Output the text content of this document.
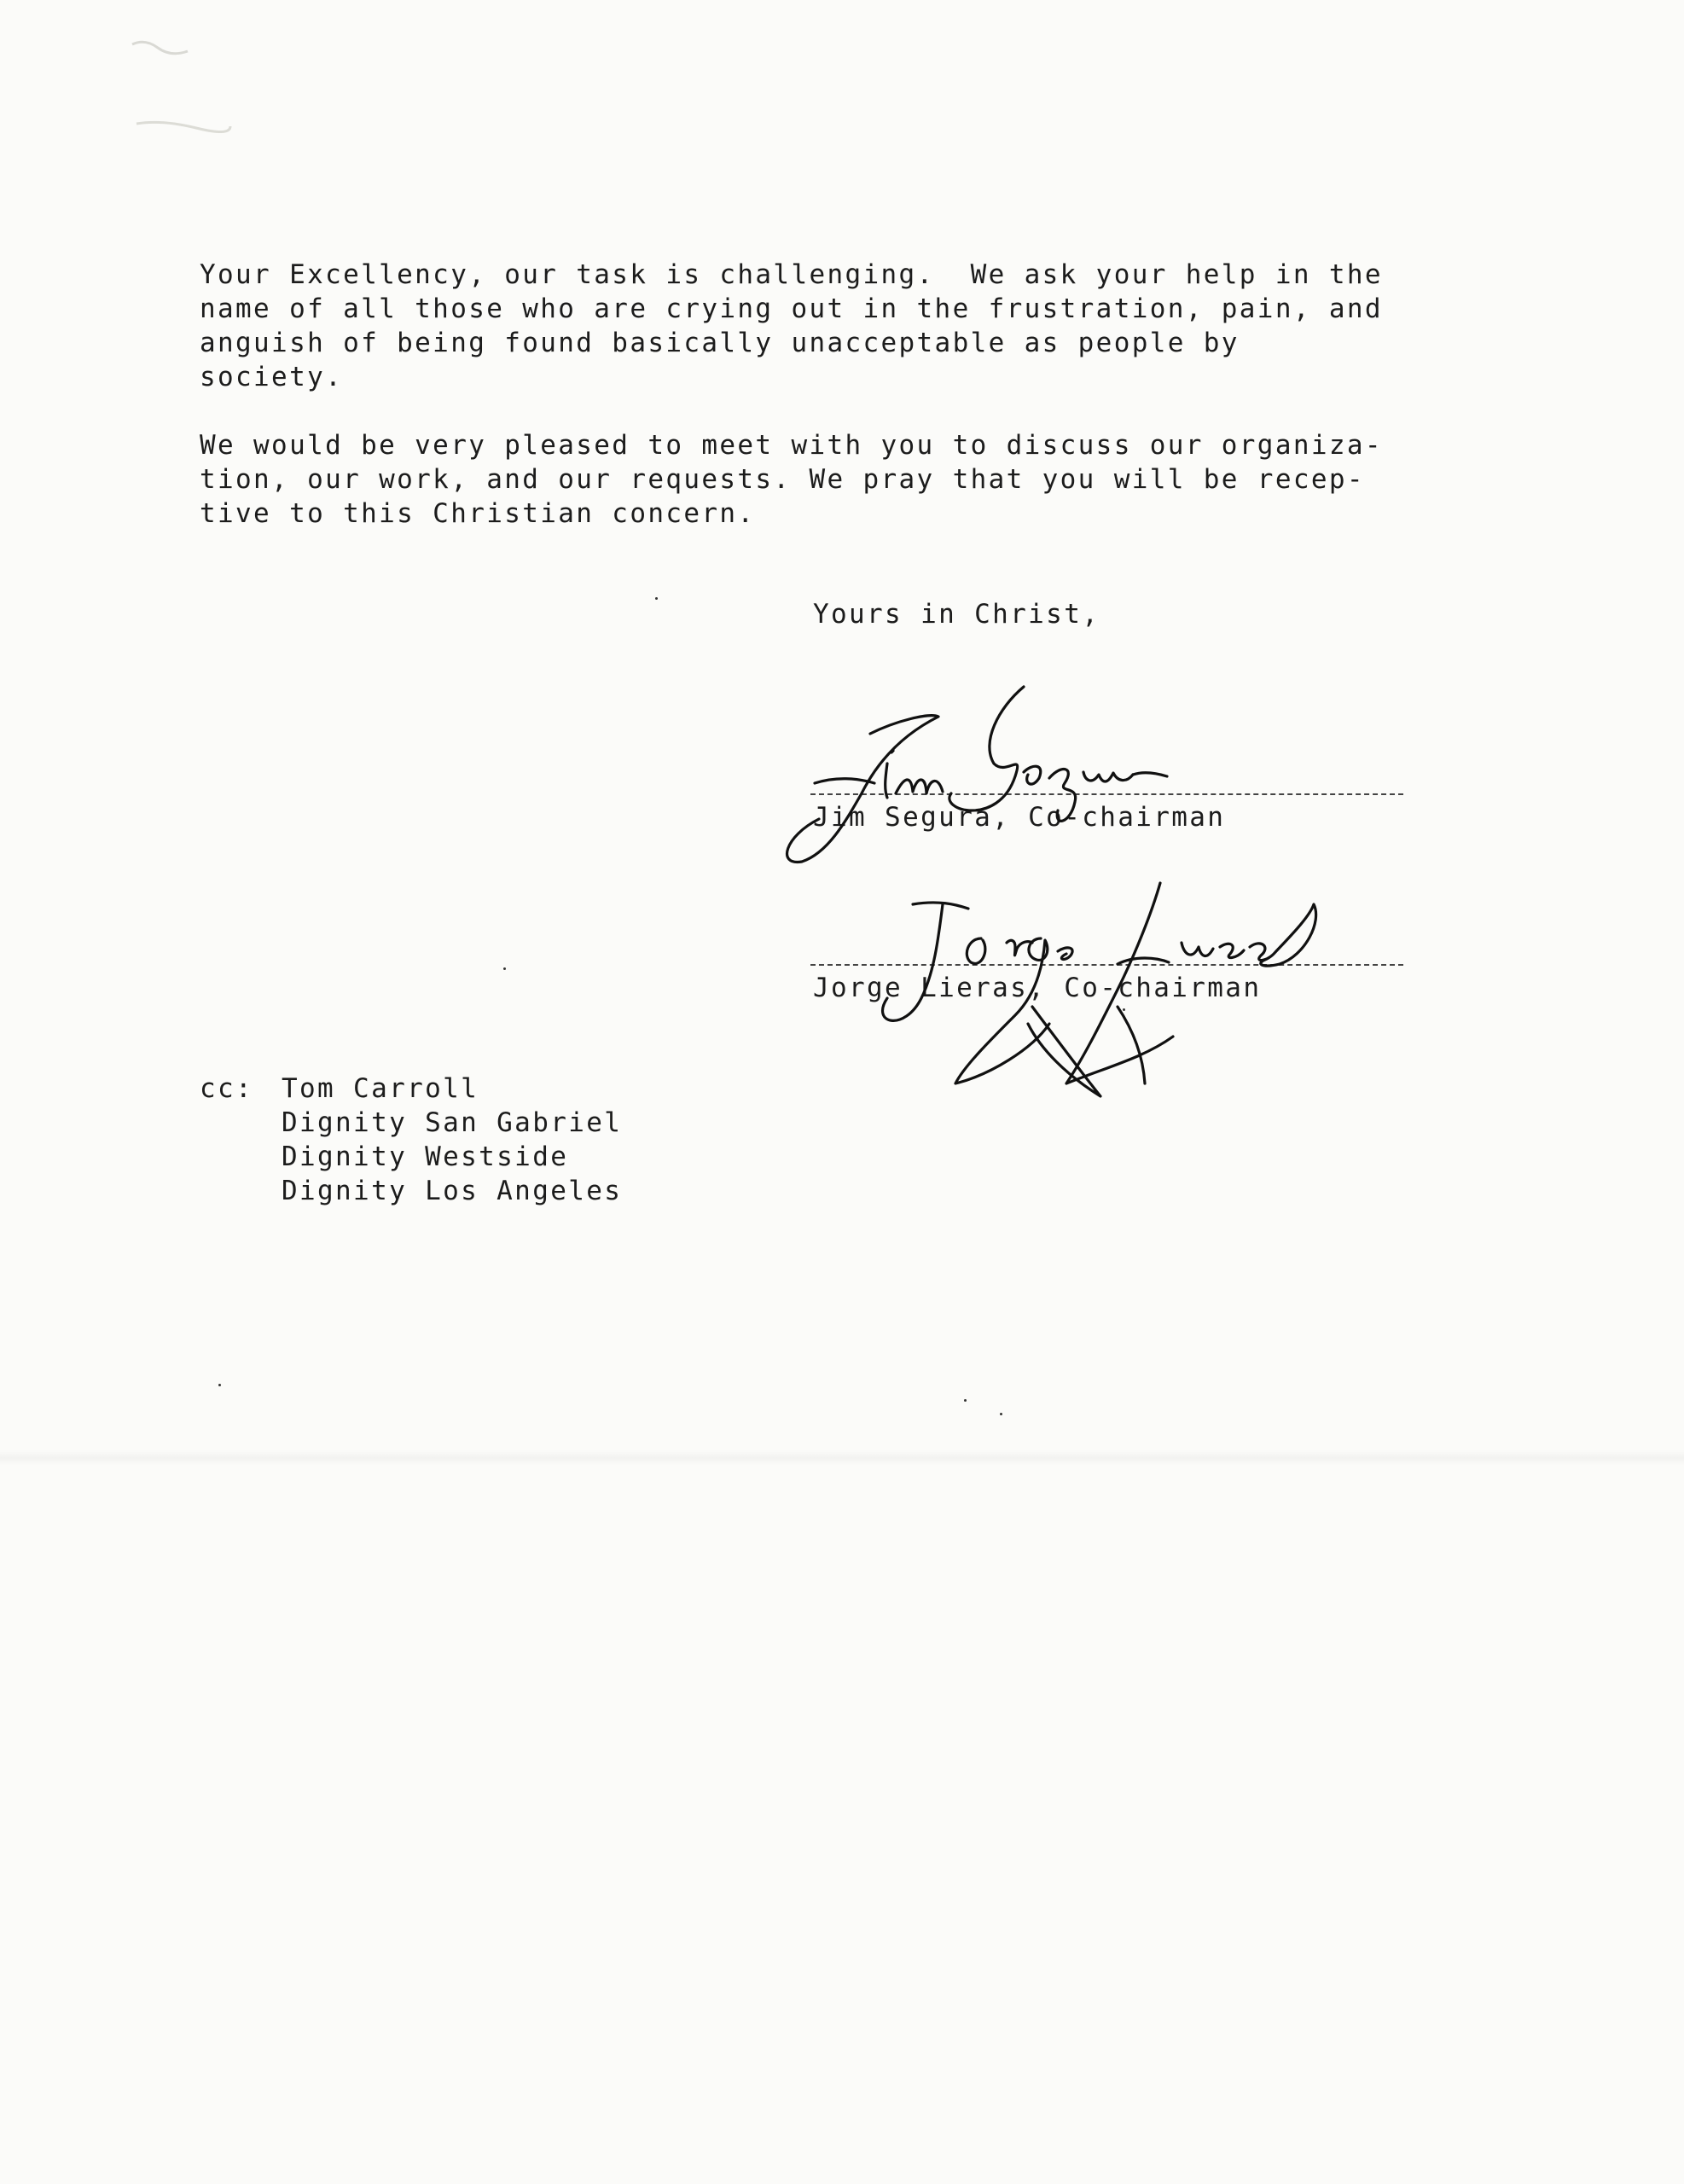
Your Excellency, our task is challenging.  We ask your help in the
name of all those who are crying out in the frustration, pain, and
anguish of being found basically unacceptable as people by
society.
We would be very pleased to meet with you to discuss our organiza-
tion, our work, and our requests. We pray that you will be recep-
tive to this Christian concern.
Yours in Christ,
Jim Segura, Co-chairman
Jorge Lieras, Co-chairman
cc: Tom Carroll
Dignity San Gabriel
Dignity Westside
Dignity Los Angeles
